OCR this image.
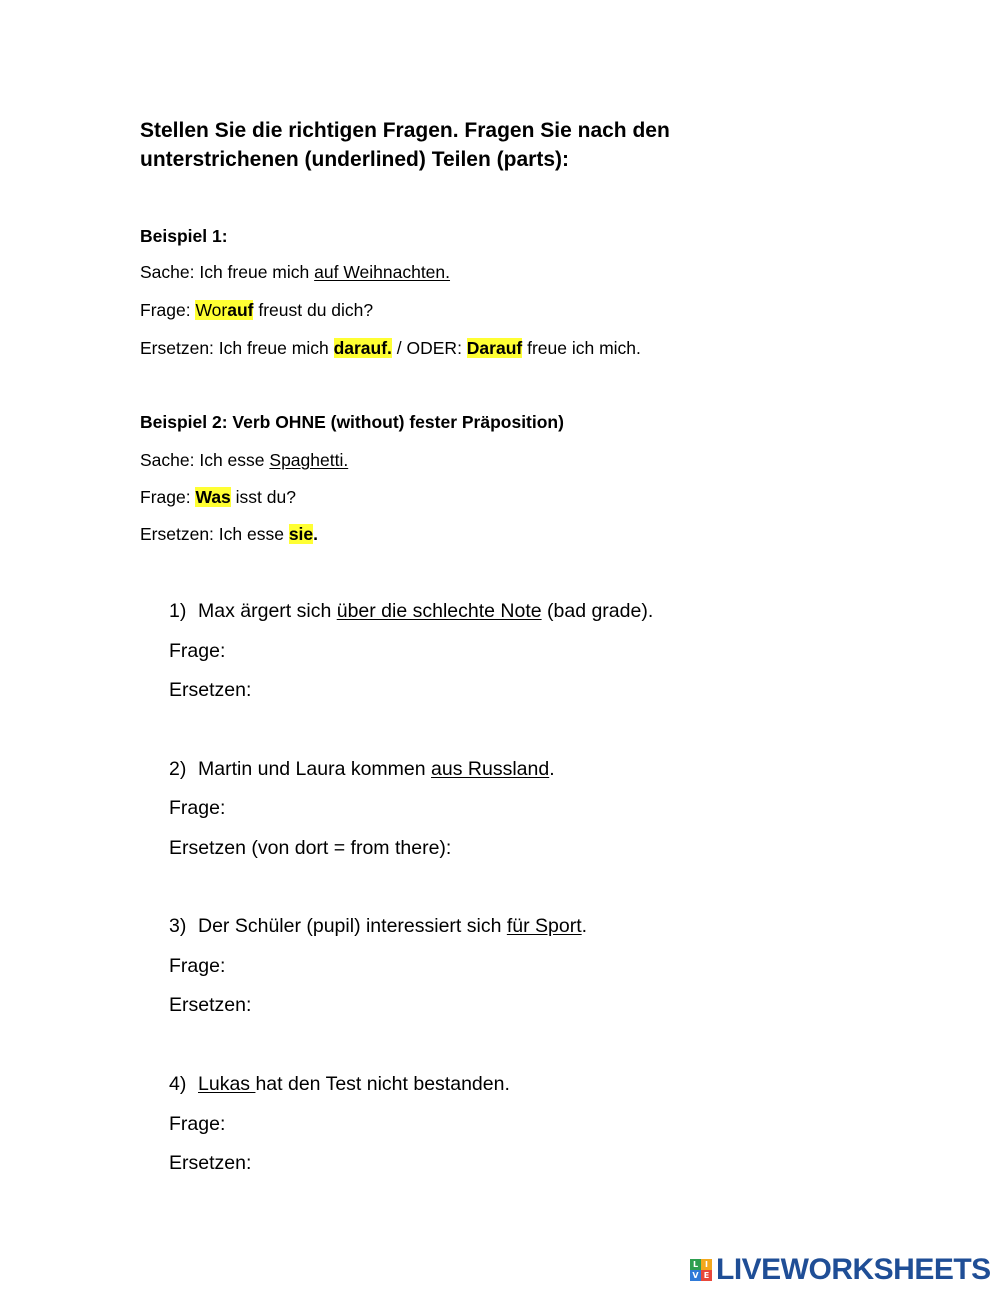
Stellen Sie die richtigen Fragen. Fragen Sie nach den unterstrichenen (underlined) Teilen (parts):
Beispiel 1:
Sache: Ich freue mich auf Weihnachten.
Frage: Worauf freust du dich?
Ersetzen: Ich freue mich darauf. / ODER: Darauf freue ich mich.
Beispiel 2: Verb OHNE (without) fester Präposition)
Sache: Ich esse Spaghetti.
Frage: Was isst du?
Ersetzen: Ich esse sie.
1) Max ärgert sich über die schlechte Note (bad grade).
Frage:
Ersetzen:
2) Martin und Laura kommen aus Russland.
Frage:
Ersetzen (von dort = from there):
3) Der Schüler (pupil) interessiert sich für Sport.
Frage:
Ersetzen:
4) Lukas hat den Test nicht bestanden.
Frage:
Ersetzen:
L I
V E LIVEWORKSHEETS
